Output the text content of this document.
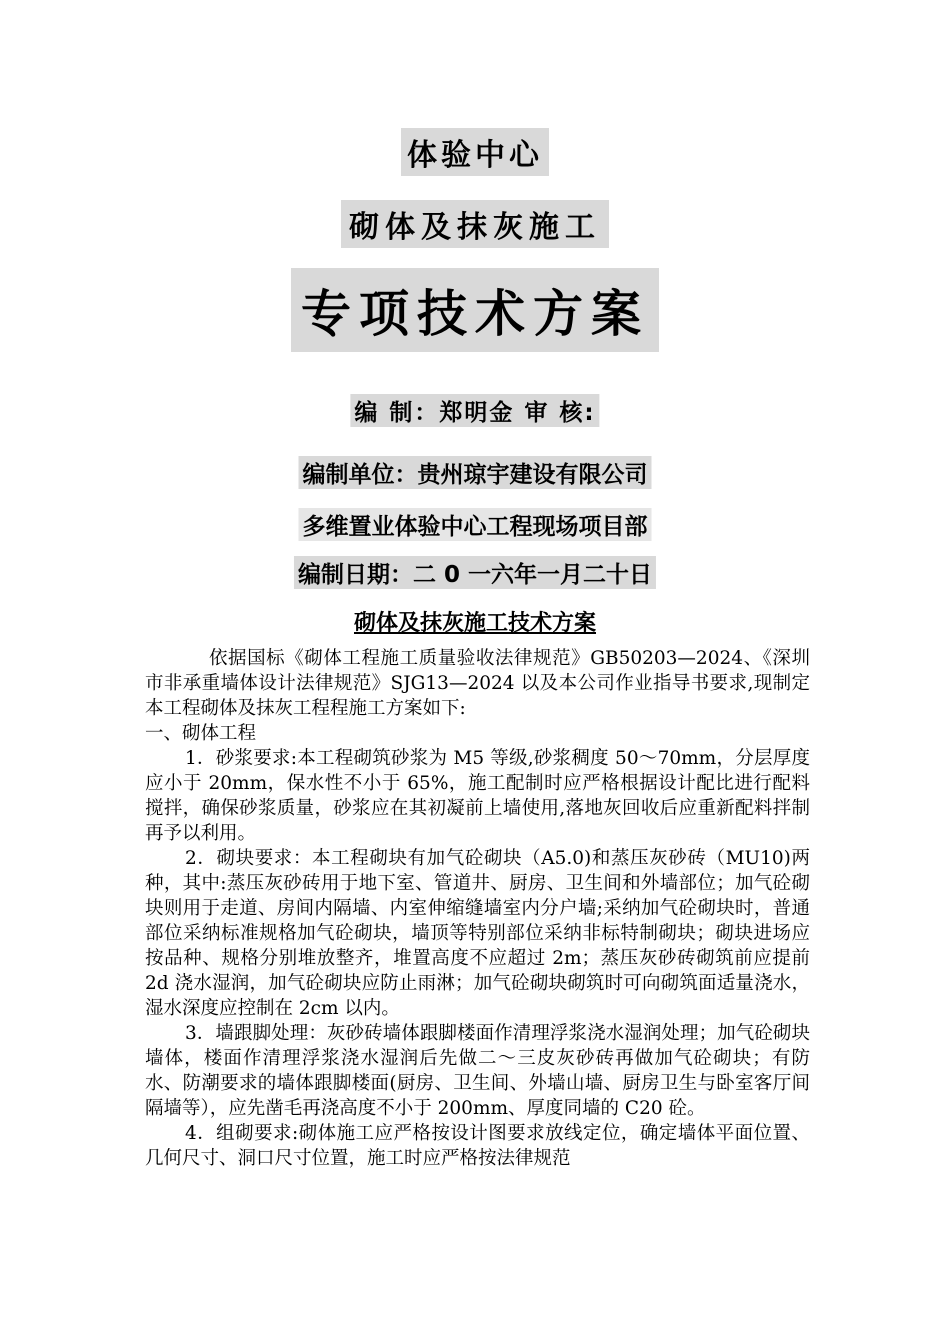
体验中心
砌体及抹灰施工
专项技术方案
编 制：郑明金 审 核:
编制单位：贵州琼宇建设有限公司
多维置业体验中心工程现场项目部
编制日期：二 0 一六年一月二十日
砌体及抹灰施工技术方案

依据国标《砌体工程施工质量验收法律规范》GB50203—2024、《深圳市非承重墙体设计法律规范》SJG13—2024 以及本公司作业指导书要求,现制定本工程砌体及抹灰工程程施工方案如下:

一、砌体工程

1．砂浆要求:本工程砌筑砂浆为 M5 等级,砂浆稠度 50～70mm，分层厚度应小于 20mm，保水性不小于 65%，施工配制时应严格根据设计配比进行配料搅拌，确保砂浆质量，砂浆应在其初凝前上墙使用,落地灰回收后应重新配料拌制再予以利用。

2．砌块要求：本工程砌块有加气砼砌块（A5.0)和蒸压灰砂砖（MU10)两种，其中:蒸压灰砂砖用于地下室、管道井、厨房、卫生间和外墙部位；加气砼砌块则用于走道、房间内隔墙、内室伸缩缝墙室内分户墙;采纳加气砼砌块时，普通部位采纳标准规格加气砼砌块，墙顶等特别部位采纳非标特制砌块；砌块进场应按品种、规格分别堆放整齐，堆置高度不应超过 2m；蒸压灰砂砖砌筑前应提前 2d 浇水湿润，加气砼砌块应防止雨淋；加气砼砌块砌筑时可向砌筑面适量浇水，湿水深度应控制在 2cm 以内。

3．墙跟脚处理：灰砂砖墙体跟脚楼面作清理浮浆浇水湿润处理；加气砼砌块墙体，楼面作清理浮浆浇水湿润后先做二～三皮灰砂砖再做加气砼砌块；有防水、防潮要求的墙体跟脚楼面(厨房、卫生间、外墙山墙、厨房卫生与卧室客厅间隔墙等），应先凿毛再浇高度不小于 200mm、厚度同墙的 C20 砼。

4．组砌要求:砌体施工应严格按设计图要求放线定位，确定墙体平面位置、几何尺寸、洞口尺寸位置，施工时应严格按法律规范
